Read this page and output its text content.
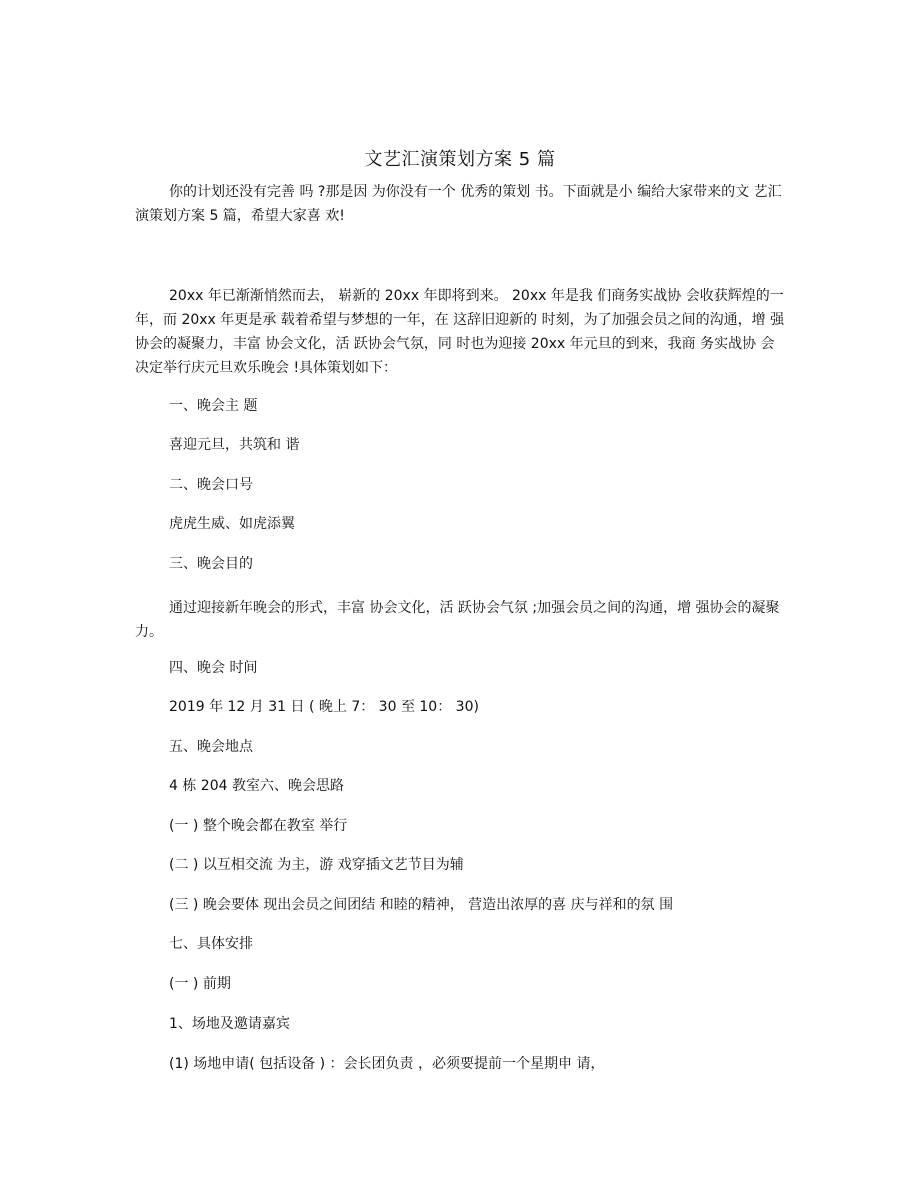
文艺汇演策划方案 5 篇

你的计划还没有完善 吗 ?那是因 为你没有一个 优秀的策划 书。下面就是小 编给大家带来的文 艺汇演策划方案 5 篇，希望大家喜 欢!

20xx 年已渐渐悄然而去， 崭新的 20xx 年即将到来。 20xx 年是我 们商务实战协 会收获辉煌的一年，而 20xx 年更是承 载着希望与梦想的一年，在 这辞旧迎新的 时刻，为了加强会员之间的沟通，增 强协会的凝聚力，丰富 协会文化，活 跃协会气氛，同 时也为迎接 20xx 年元旦的到来，我商 务实战协 会决定举行庆元旦欢乐晚会 !具体策划如下：

一、晚会主 题

喜迎元旦，共筑和 谐

二、晚会口号

虎虎生威、如虎添翼

三、晚会目的

通过迎接新年晚会的形式，丰富 协会文化，活 跃协会气氛 ;加强会员之间的沟通，增 强协会的凝聚力。

四、晚会 时间

2019 年 12 月 31 日 ( 晚上 7： 30 至 10： 30)

五、晚会地点

4 栋 204 教室六、晚会思路

(一 ) 整个晚会都在教室 举行

(二 ) 以互相交流 为主，游 戏穿插文艺节目为辅

(三 ) 晚会要体 现出会员之间团结 和睦的精神， 营造出浓厚的喜 庆与祥和的氛 围

七、具体安排

(一 ) 前期

1、场地及邀请嘉宾

(1) 场地申请( 包括设备 ) ：会长团负责 ，必须要提前一个星期申 请，
